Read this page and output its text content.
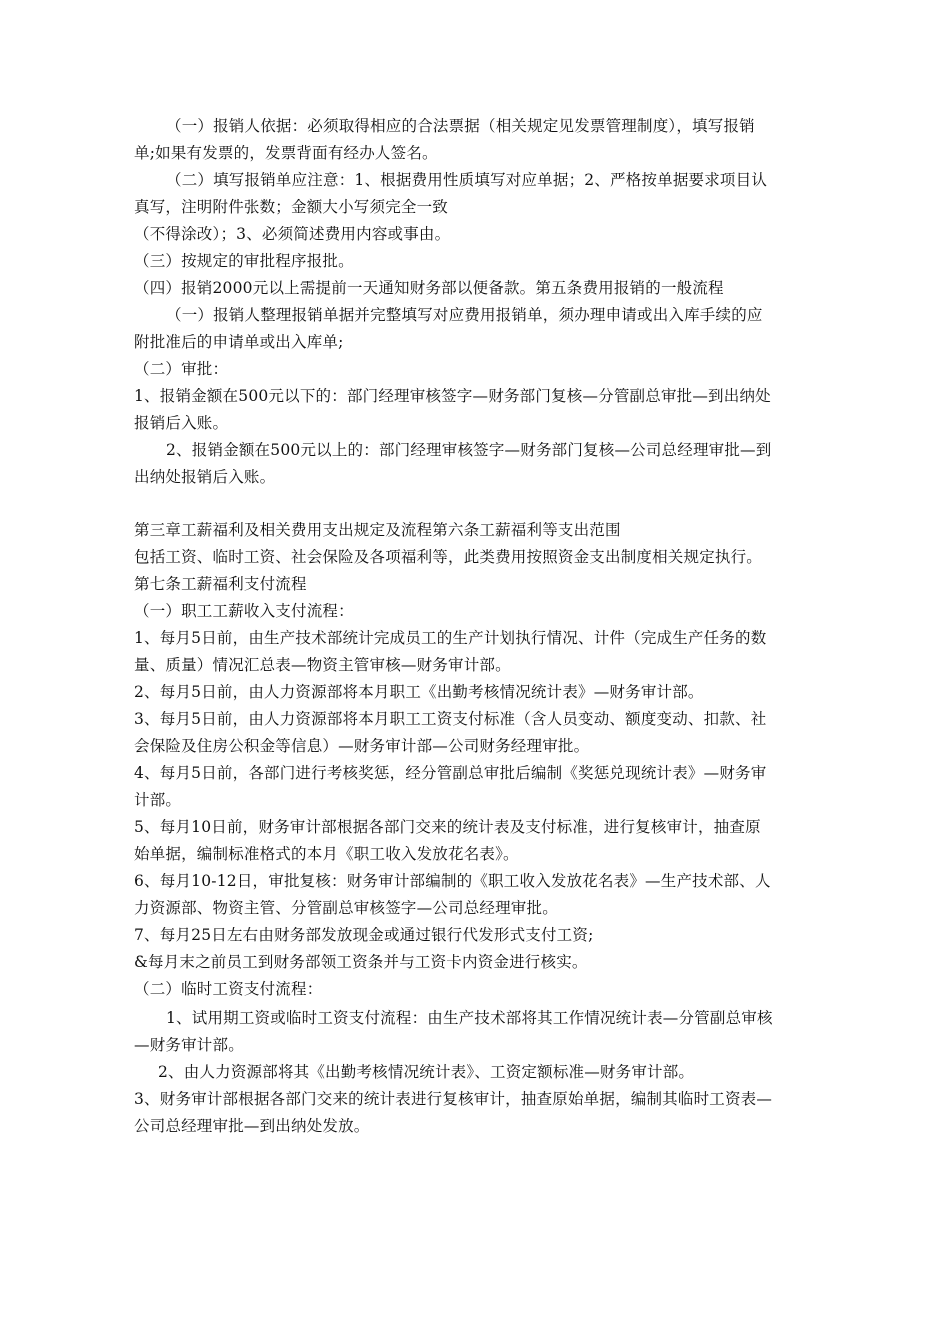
（一）报销人依据：必须取得相应的合法票据（相关规定见发票管理制度），填写报销
单;如果有发票的，发票背面有经办人签名。
（二）填写报销单应注意：1、根据费用性质填写对应单据；2、严格按单据要求项目认
真写，注明附件张数；金额大小写须完全一致
（不得涂改）；3、必须简述费用内容或事由。
（三）按规定的审批程序报批。
（四）报销2000元以上需提前一天通知财务部以便备款。第五条费用报销的一般流程
（一）报销人整理报销单据并完整填写对应费用报销单，须办理申请或出入库手续的应
附批准后的申请单或出入库单;
（二）审批：
1、报销金额在500元以下的：部门经理审核签字—财务部门复核—分管副总审批—到出纳处
报销后入账。
2、报销金额在500元以上的：部门经理审核签字—财务部门复核—公司总经理审批—到
出纳处报销后入账。
第三章工薪福利及相关费用支出规定及流程第六条工薪福利等支出范围
包括工资、临时工资、社会保险及各项福利等，此类费用按照资金支出制度相关规定执行。
第七条工薪福利支付流程
（一）职工工薪收入支付流程：
1、每月5日前，由生产技术部统计完成员工的生产计划执行情况、计件（完成生产任务的数
量、质量）情况汇总表—物资主管审核—财务审计部。
2、每月5日前，由人力资源部将本月职工《出勤考核情况统计表》—财务审计部。
3、每月5日前，由人力资源部将本月职工工资支付标准（含人员变动、额度变动、扣款、社
会保险及住房公积金等信息）—财务审计部—公司财务经理审批。
4、每月5日前，各部门进行考核奖惩，经分管副总审批后编制《奖惩兑现统计表》—财务审
计部。
5、每月10日前，财务审计部根据各部门交来的统计表及支付标准，进行复核审计，抽查原
始单据，编制标准格式的本月《职工收入发放花名表》。
6、每月10-12日，审批复核：财务审计部编制的《职工收入发放花名表》—生产技术部、人
力资源部、物资主管、分管副总审核签字—公司总经理审批。
7、每月25日左右由财务部发放现金或通过银行代发形式支付工资;
&每月末之前员工到财务部领工资条并与工资卡内资金进行核实。
（二）临时工资支付流程：
1、试用期工资或临时工资支付流程：由生产技术部将其工作情况统计表—分管副总审核
—财务审计部。
2、由人力资源部将其《出勤考核情况统计表》、工资定额标准—财务审计部。
3、财务审计部根据各部门交来的统计表进行复核审计，抽查原始单据，编制其临时工资表—
公司总经理审批—到出纳处发放。
